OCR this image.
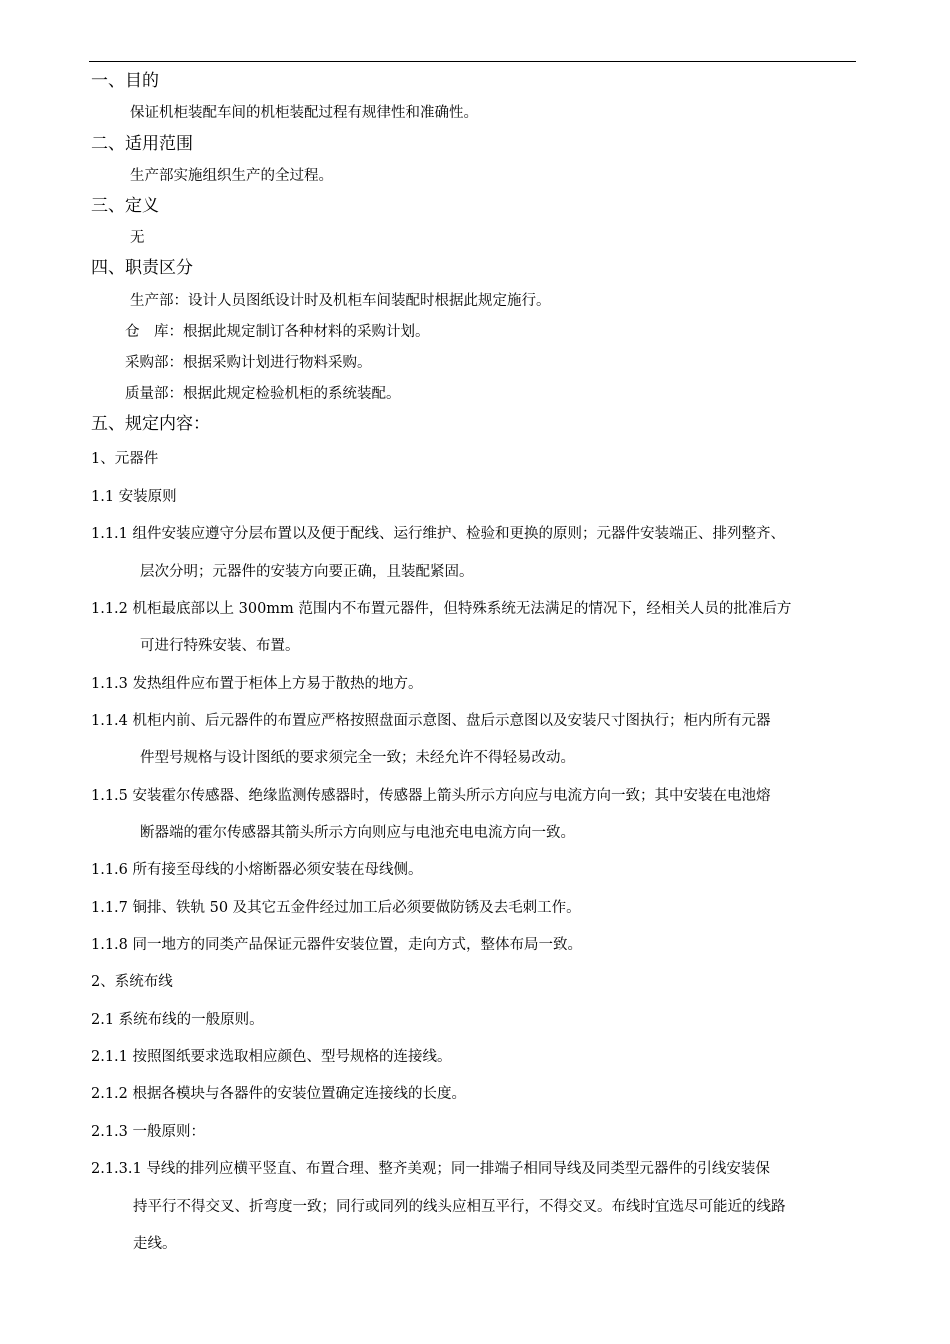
一、目的
保证机柜装配车间的机柜装配过程有规律性和准确性。
二、适用范围
生产部实施组织生产的全过程。
三、定义
无
四、职责区分
生产部：设计人员图纸设计时及机柜车间装配时根据此规定施行。
仓　库：根据此规定制订各种材料的采购计划。
采购部：根据采购计划进行物料采购。
质量部：根据此规定检验机柜的系统装配。
五、规定内容：
1、元器件
1.1 安装原则
1.1.1 组件安装应遵守分层布置以及便于配线、运行维护、检验和更换的原则；元器件安装端正、排列整齐、
层次分明；元器件的安装方向要正确，且装配紧固。
1.1.2 机柜最底部以上 300mm 范围内不布置元器件，但特殊系统无法满足的情况下，经相关人员的批准后方
可进行特殊安装、布置。
1.1.3 发热组件应布置于柜体上方易于散热的地方。
1.1.4 机柜内前、后元器件的布置应严格按照盘面示意图、盘后示意图以及安装尺寸图执行；柜内所有元器
件型号规格与设计图纸的要求须完全一致；未经允许不得轻易改动。
1.1.5 安装霍尔传感器、绝缘监测传感器时，传感器上箭头所示方向应与电流方向一致；其中安装在电池熔
断器端的霍尔传感器其箭头所示方向则应与电池充电电流方向一致。
1.1.6 所有接至母线的小熔断器必须安装在母线侧。
1.1.7 铜排、铁轨 50 及其它五金件经过加工后必须要做防锈及去毛刺工作。
1.1.8 同一地方的同类产品保证元器件安装位置，走向方式，整体布局一致。
2、系统布线
2.1 系统布线的一般原则。
2.1.1 按照图纸要求选取相应颜色、型号规格的连接线。
2.1.2 根据各模块与各器件的安装位置确定连接线的长度。
2.1.3 一般原则：
2.1.3.1 导线的排列应横平竖直、布置合理、整齐美观；同一排端子相同导线及同类型元器件的引线安装保
持平行不得交叉、折弯度一致；同行或同列的线头应相互平行，不得交叉。布线时宜选尽可能近的线路
走线。
